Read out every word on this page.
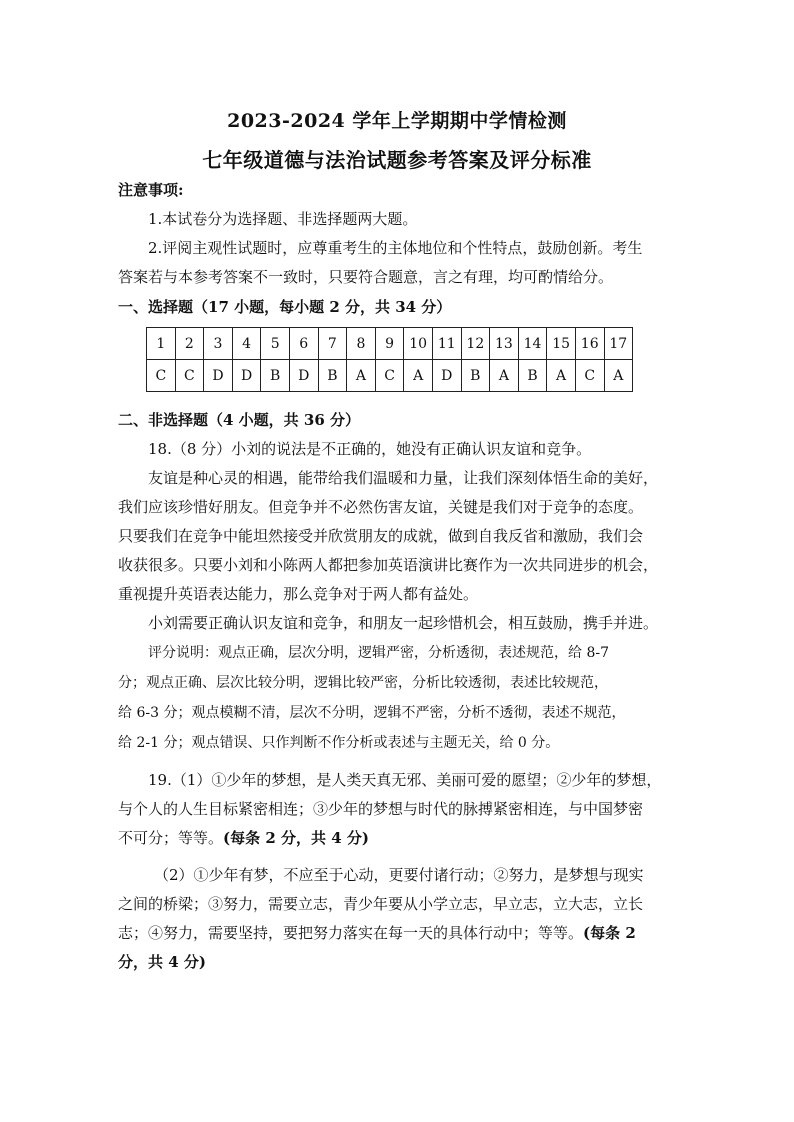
2023-2024 学年上学期期中学情检测
七年级道德与法治试题参考答案及评分标准

注意事项:

1.本试卷分为选择题、非选择题两大题。

2.评阅主观性试题时，应尊重考生的主体地位和个性特点，鼓励创新。考生

答案若与本参考答案不一致时，只要符合题意，言之有理，均可酌情给分。

一、选择题（17 小题，每小题 2 分，共 34 分）

1	2	3	4	5	6	7	8	9	10	11	12	13	14	15	16	17
C	C	D	D	B	D	B	A	C	A	D	B	A	B	A	C	A

二、非选择题（4 小题，共 36 分）

18.（8 分）小刘的说法是不正确的，她没有正确认识友谊和竞争。

友谊是种心灵的相遇，能带给我们温暖和力量，让我们深刻体悟生命的美好，

我们应该珍惜好朋友。但竞争并不必然伤害友谊，关键是我们对于竞争的态度。

只要我们在竞争中能坦然接受并欣赏朋友的成就，做到自我反省和激励，我们会

收获很多。只要小刘和小陈两人都把参加英语演讲比赛作为一次共同进步的机会，

重视提升英语表达能力，那么竞争对于两人都有益处。

小刘需要正确认识友谊和竞争，和朋友一起珍惜机会，相互鼓励，携手并进。

评分说明：观点正确，层次分明，逻辑严密，分析透彻，表述规范，给 8-7

分；观点正确、层次比较分明，逻辑比较严密，分析比较透彻，表述比较规范，

给 6-3 分；观点模糊不清，层次不分明，逻辑不严密，分析不透彻，表述不规范，

给 2-1 分；观点错误、只作判断不作分析或表述与主题无关，给 0 分。

19.（1）①少年的梦想，是人类天真无邪、美丽可爱的愿望；②少年的梦想，

与个人的人生目标紧密相连；③少年的梦想与时代的脉搏紧密相连，与中国梦密

不可分；等等。(每条 2 分，共 4 分)

（2）①少年有梦，不应至于心动，更要付诸行动；②努力，是梦想与现实

之间的桥梁；③努力，需要立志，青少年要从小学立志，早立志，立大志，立长

志；④努力，需要坚持，要把努力落实在每一天的具体行动中；等等。(每条 2

分，共 4 分)
